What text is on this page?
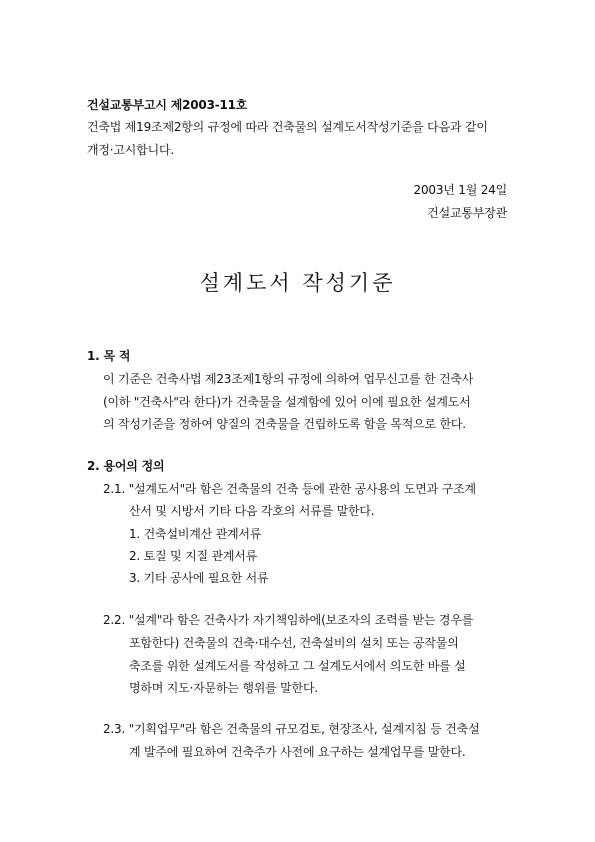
건설교통부고시 제2003-11호
건축법 제19조제2항의 규정에 따라 건축물의 설계도서작성기준을 다음과 같이
개정·고시합니다.
2003년 1월 24일
건설교통부장관
설계도서 작성기준
1. 목 적
이 기준은 건축사법 제23조제1항의 규정에 의하여 업무신고를 한 건축사
(이하 "건축사"라 한다)가 건축물을 설계함에 있어 이에 필요한 설계도서
의 작성기준을 정하여 양질의 건축물을 건립하도록 함을 목적으로 한다.
2. 용어의 정의
2.1. "설계도서"라 함은 건축물의 건축 등에 관한 공사용의 도면과 구조계
산서 및 시방서 기타 다음 각호의 서류를 말한다.
1. 건축설비계산 관계서류
2. 토질 및 지질 관계서류
3. 기타 공사에 필요한 서류
2.2. "설계"라 함은 건축사가 자기책임하에(보조자의 조력를 받는 경우를
포함한다) 건축물의 건축·대수선, 건축설비의 설치 또는 공작물의
축조를 위한 설계도서를 작성하고 그 설계도서에서 의도한 바를 설
명하며 지도·자문하는 행위를 말한다.
2.3. "기획업무"라 함은 건축물의 규모검토, 현장조사, 설계지침 등 건축설
계 발주에 필요하여 건축주가 사전에 요구하는 설계업무를 말한다.
